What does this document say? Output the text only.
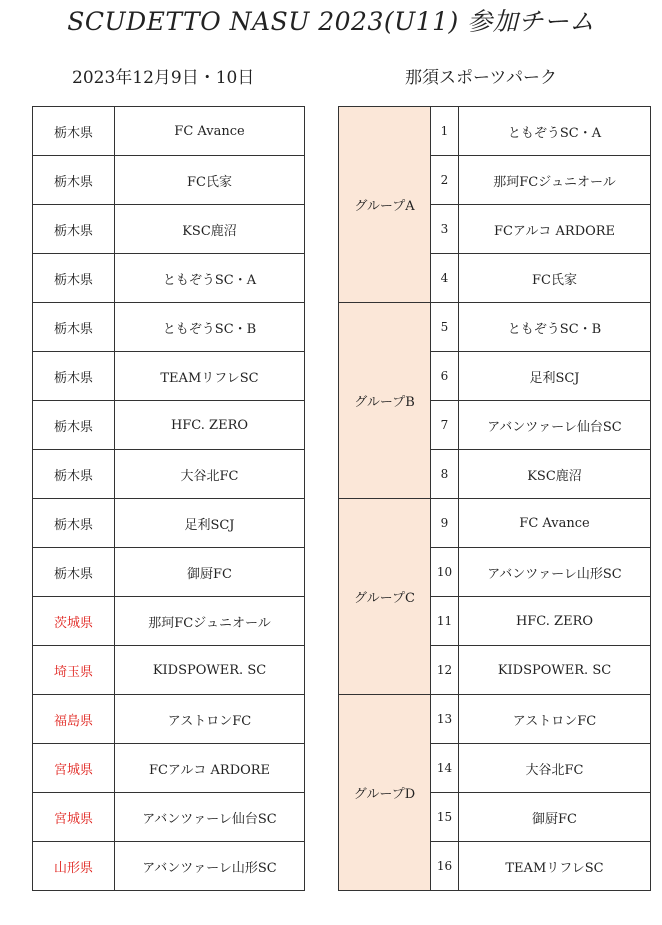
SCUDETTO NASU 2023(U11) 参加チーム
2023年12月9日・10日	那須スポーツパーク
栃木県	FC Avance
栃木県	FC氏家
栃木県	KSC鹿沼
栃木県	ともぞうSC・A
栃木県	ともぞうSC・B
栃木県	TEAMリフレSC
栃木県	HFC. ZERO
栃木県	大谷北FC
栃木県	足利SCJ
栃木県	御厨FC
茨城県	那珂FCジュニオール
埼玉県	KIDSPOWER. SC
福島県	アストロンFC
宮城県	FCアルコ ARDORE
宮城県	アバンツァーレ仙台SC
山形県	アバンツァーレ山形SC
グループA	1	ともぞうSC・A
	2	那珂FCジュニオール
	3	FCアルコ ARDORE
	4	FC氏家
グループB	5	ともぞうSC・B
	6	足利SCJ
	7	アバンツァーレ仙台SC
	8	KSC鹿沼
グループC	9	FC Avance
	10	アバンツァーレ山形SC
	11	HFC. ZERO
	12	KIDSPOWER. SC
グループD	13	アストロンFC
	14	大谷北FC
	15	御厨FC
	16	TEAMリフレSC
